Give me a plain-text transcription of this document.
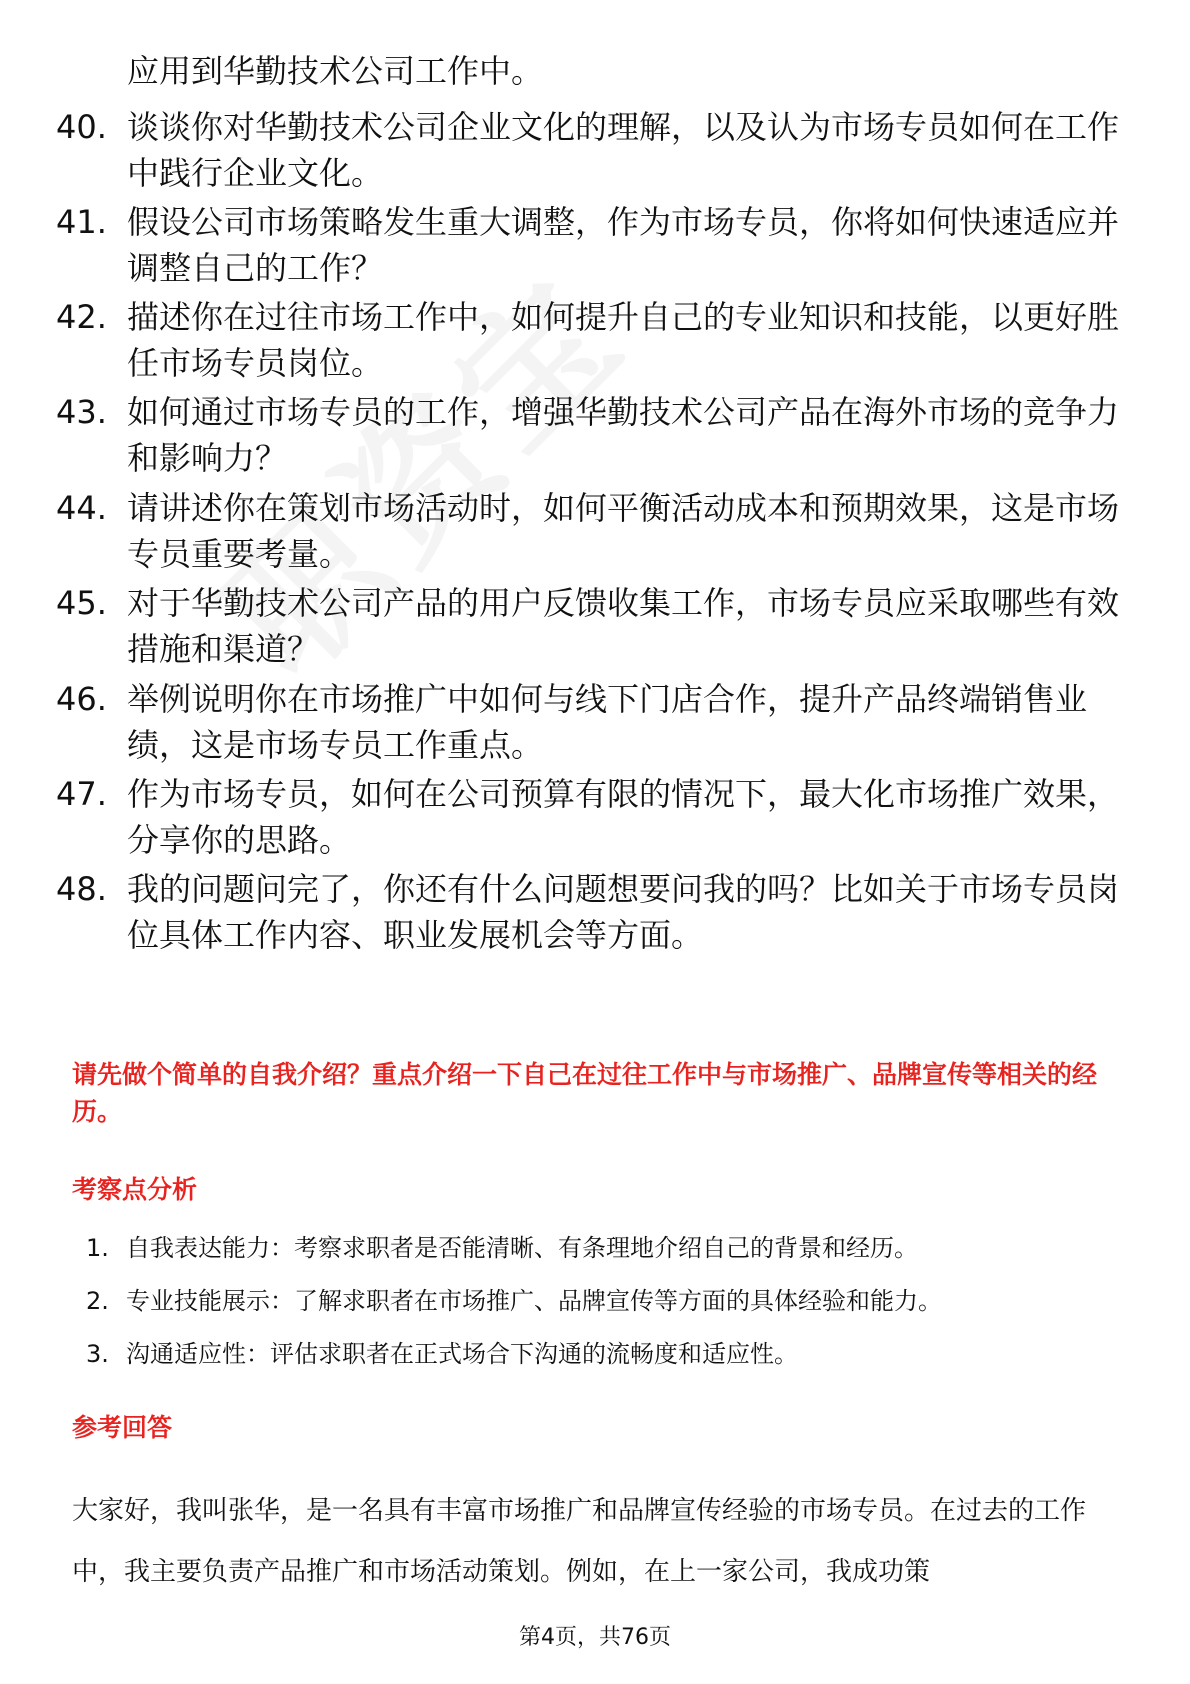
应用到华勤技术公司工作中。
40. 谈谈你对华勤技术公司企业文化的理解，以及认为市场专员如何在工作中践行企业文化。
41. 假设公司市场策略发生重大调整，作为市场专员，你将如何快速适应并调整自己的工作？
42. 描述你在过往市场工作中，如何提升自己的专业知识和技能，以更好胜任市场专员岗位。
43. 如何通过市场专员的工作，增强华勤技术公司产品在海外市场的竞争力和影响力？
44. 请讲述你在策划市场活动时，如何平衡活动成本和预期效果，这是市场专员重要考量。
45. 对于华勤技术公司产品的用户反馈收集工作，市场专员应采取哪些有效措施和渠道？
46. 举例说明你在市场推广中如何与线下门店合作，提升产品终端销售业绩，这是市场专员工作重点。
47. 作为市场专员，如何在公司预算有限的情况下，最大化市场推广效果，分享你的思路。
48. 我的问题问完了，你还有什么问题想要问我的吗？比如关于市场专员岗位具体工作内容、职业发展机会等方面。
请先做个简单的自我介绍？重点介绍一下自己在过往工作中与市场推广、品牌宣传等相关的经历。
考察点分析
1. 自我表达能力：考察求职者是否能清晰、有条理地介绍自己的背景和经历。
2. 专业技能展示：了解求职者在市场推广、品牌宣传等方面的具体经验和能力。
3. 沟通适应性：评估求职者在正式场合下沟通的流畅度和适应性。
参考回答
大家好，我叫张华，是一名具有丰富市场推广和品牌宣传经验的市场专员。在过去的工作中，我主要负责产品推广和市场活动策划。例如，在上一家公司，我成功策
第4页，共76页
